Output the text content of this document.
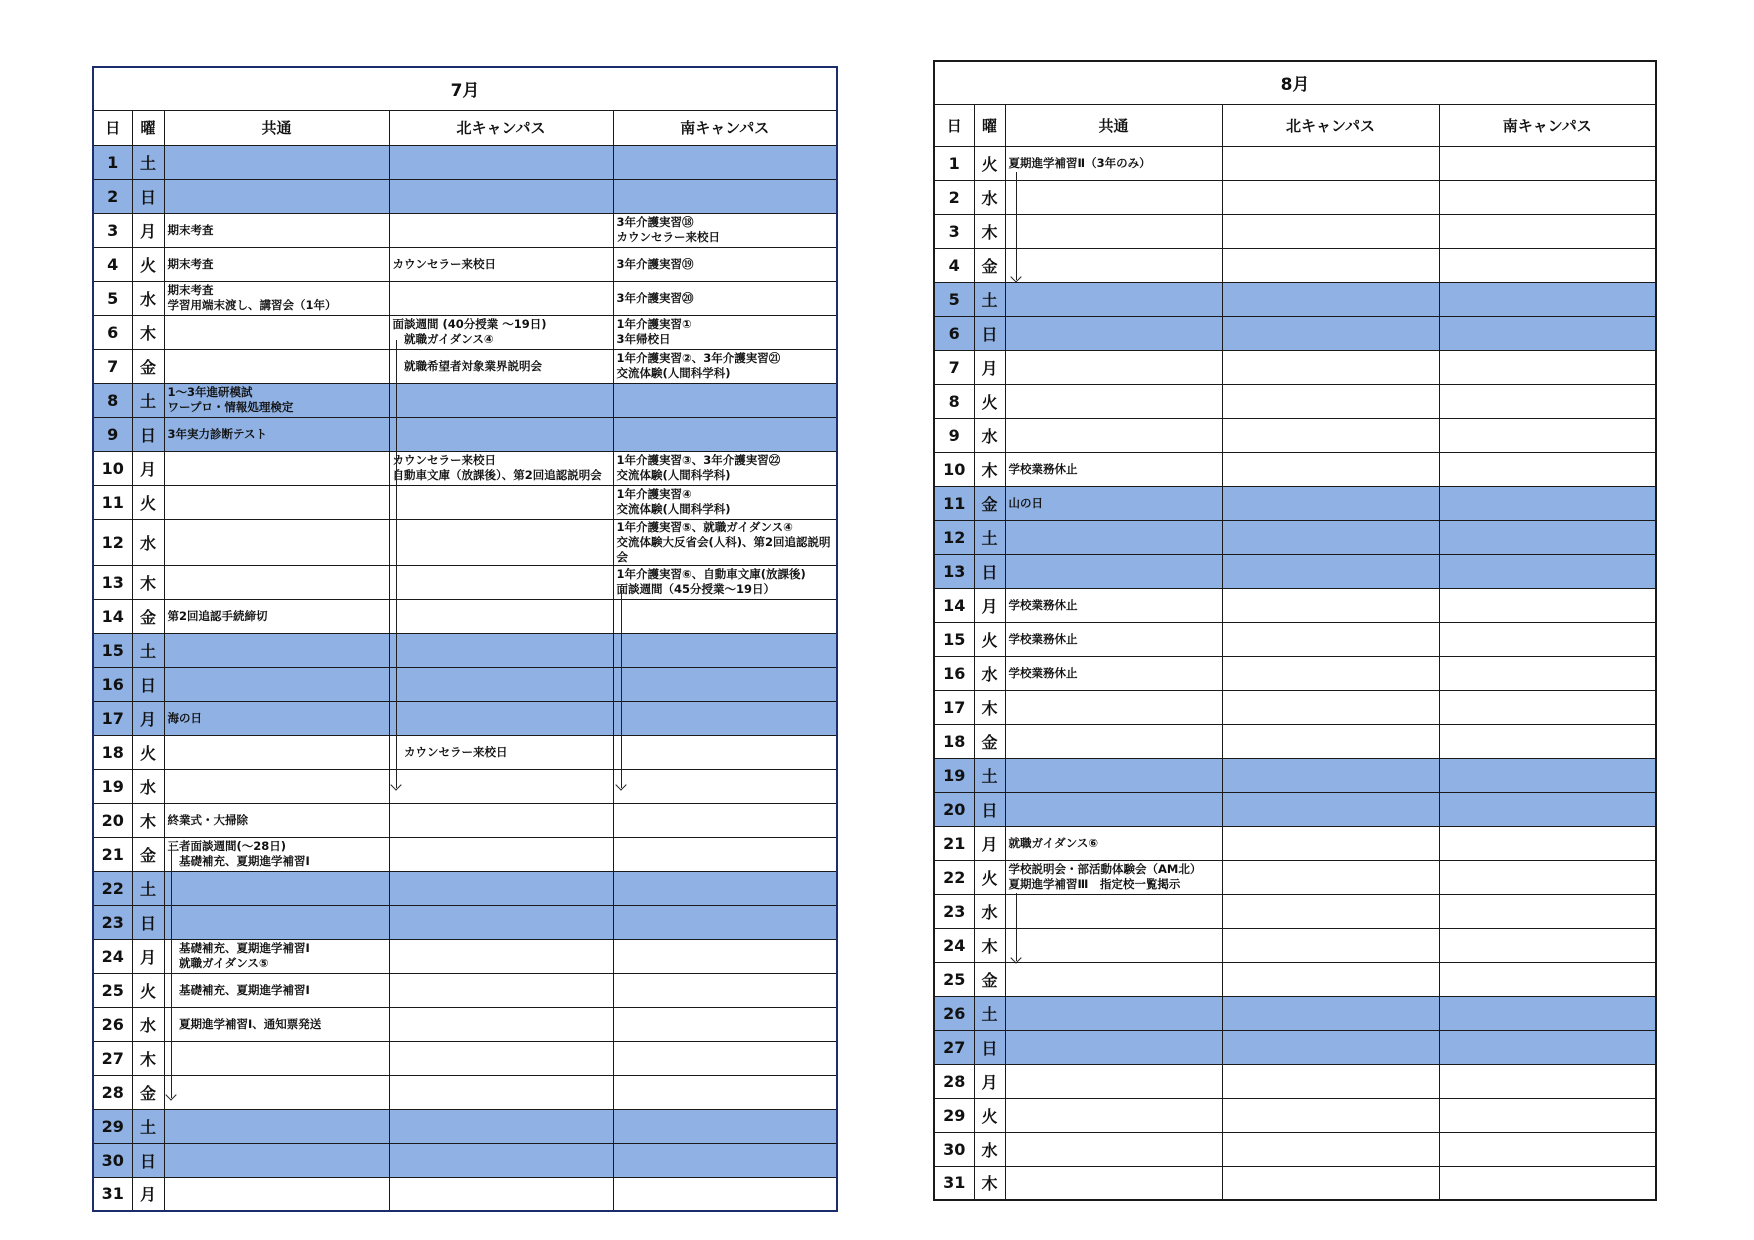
7月				
日	曜	共通	北キャンパス	南キャンパス
1	土			
2	日			
3	月	期末考査		3年介護実習⑱
カウンセラー来校日
4	火	期末考査	カウンセラー来校日	3年介護実習⑲
5	水	期末考査
学習用端末渡し、講習会（1年）		3年介護実習⑳
6	木		面談週間 (40分授業 ～19日)
　就職ガイダンス④	1年介護実習①
3年帰校日
7	金		　就職希望者対象業界説明会	1年介護実習②、3年介護実習㉑
交流体験(人間科学科)
8	土	1～3年進研模試
ワープロ・情報処理検定		
9	日	3年実力診断テスト		
10	月		カウンセラー来校日
自動車文庫（放課後）、第2回追認説明会	1年介護実習③、3年介護実習㉒
交流体験(人間科学科)
11	火			1年介護実習④
交流体験(人間科学科)
12	水			1年介護実習⑤、就職ガイダンス④
交流体験大反省会(人科)、第2回追認説明会
13	木			1年介護実習⑥、自動車文庫(放課後)
面談週間（45分授業～19日）
14	金	第2回追認手続締切		
15	土			
16	日			
17	月	海の日		
18	火		　カウンセラー来校日	
19	水			
20	木	終業式・大掃除		
21	金	三者面談週間(～28日)
　基礎補充、夏期進学補習Ⅰ		
22	土			
23	日			
24	月	　基礎補充、夏期進学補習Ⅰ
　就職ガイダンス⑤		
25	火	　基礎補充、夏期進学補習Ⅰ		
26	水	　夏期進学補習Ⅰ、通知票発送		
27	木			
28	金			
29	土			
30	日			
31	月			
8月				
日	曜	共通	北キャンパス	南キャンパス
1	火	夏期進学補習Ⅱ（3年のみ）		
2	水			
3	木			
4	金			
5	土			
6	日			
7	月			
8	火			
9	水			
10	木	学校業務休止		
11	金	山の日		
12	土			
13	日			
14	月	学校業務休止		
15	火	学校業務休止		
16	水	学校業務休止		
17	木			
18	金			
19	土			
20	日			
21	月	就職ガイダンス⑥		
22	火	学校説明会・部活動体験会（AM北）
夏期進学補習Ⅲ　指定校一覧掲示		
23	水			
24	木			
25	金			
26	土			
27	日			
28	月			
29	火			
30	水			
31	木			
